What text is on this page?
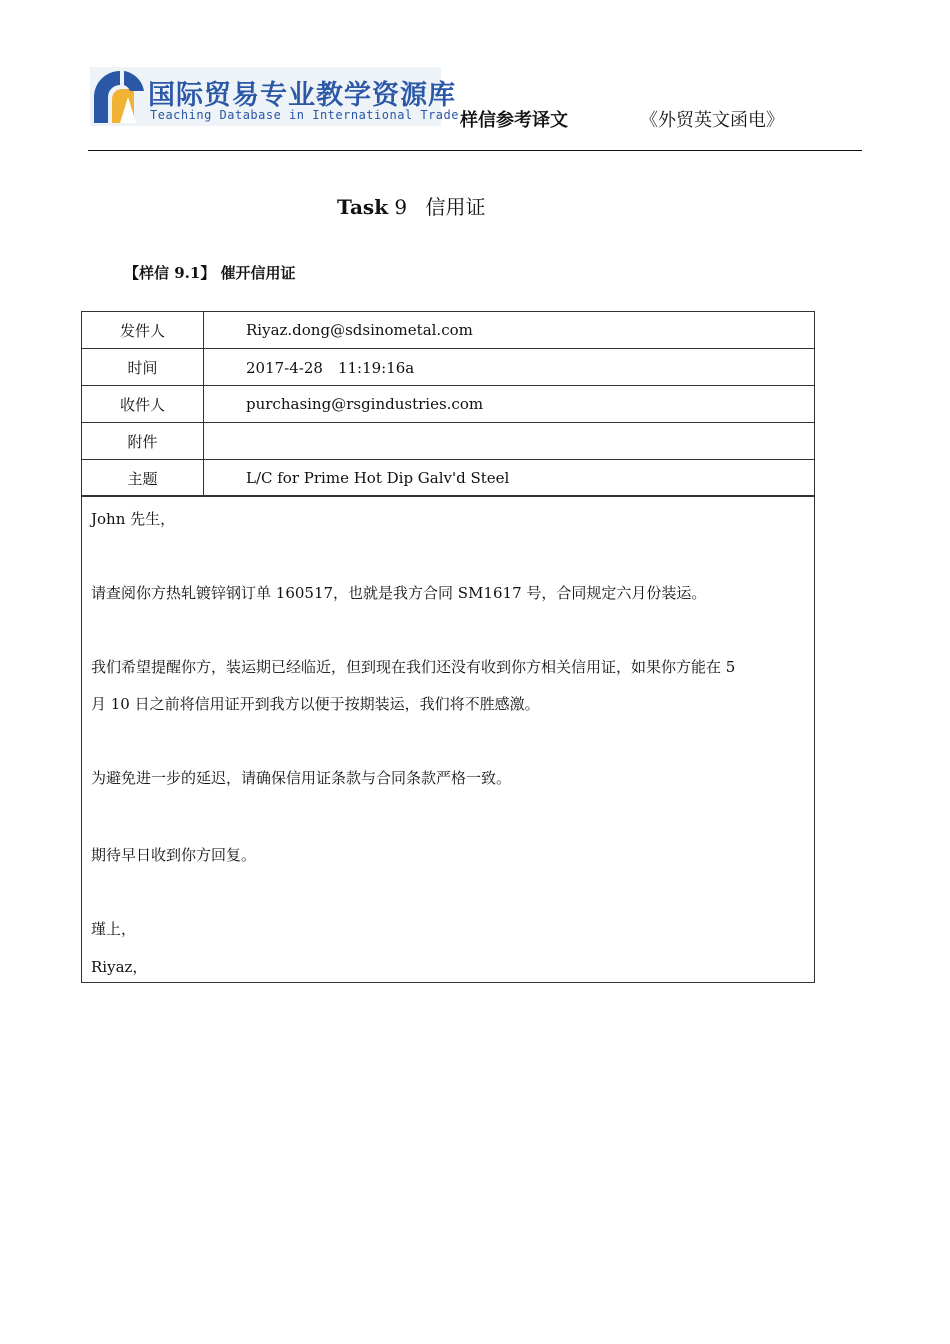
国际贸易专业教学资源库
Teaching Database in International Trade 样信参考译文	《外贸英文函电》
Task 9 信用证
【样信 9.1】 催开信用证
发件人	Riyaz.dong@sdsinometal.com
时间	2017-4-28　11:19:16a
收件人	purchasing@rsgindustries.com
附件	
主题	L/C for Prime Hot Dip Galv'd Steel
John 先生，
请查阅你方热轧镀锌钢订单 160517，也就是我方合同 SM1617 号，合同规定六月份装运。
我们希望提醒你方，装运期已经临近，但到现在我们还没有收到你方相关信用证，如果你方能在 5
月 10 日之前将信用证开到我方以便于按期装运，我们将不胜感激。
为避免进一步的延迟，请确保信用证条款与合同条款严格一致。
期待早日收到你方回复。
瑾上，
Riyaz，
